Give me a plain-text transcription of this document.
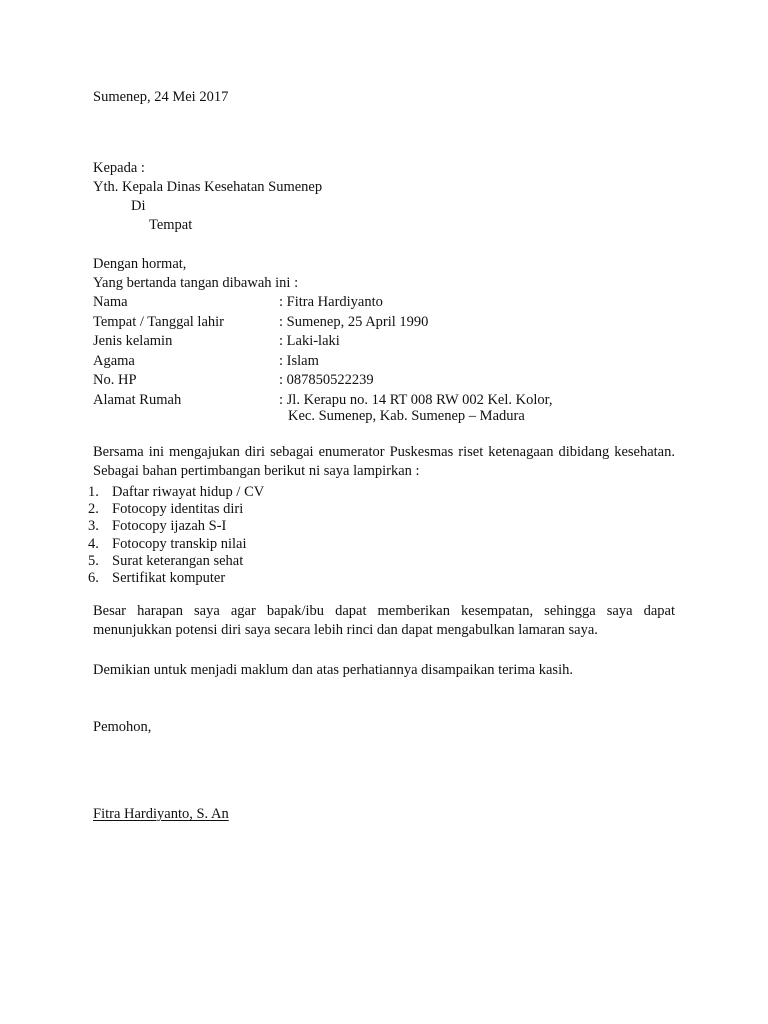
Sumenep, 24 Mei 2017
Kepada :
Yth. Kepala Dinas Kesehatan Sumenep
Di
Tempat
Dengan hormat,
Yang bertanda tangan dibawah ini :
Nama	: Fitra Hardiyanto
Tempat / Tanggal lahir	: Sumenep, 25 April 1990
Jenis kelamin	: Laki-laki
Agama	: Islam
No. HP	: 087850522239
Alamat Rumah	: Jl. Kerapu no. 14 RT 008 RW 002 Kel. Kolor,
Kec. Sumenep, Kab. Sumenep – Madura
Bersama ini mengajukan diri sebagai enumerator Puskesmas riset ketenagaan dibidang kesehatan. Sebagai bahan pertimbangan berikut ni saya lampirkan :
1. Daftar riwayat hidup / CV
2. Fotocopy identitas diri
3. Fotocopy ijazah S-I
4. Fotocopy transkip nilai
5. Surat keterangan sehat
6. Sertifikat komputer
Besar harapan saya agar bapak/ibu dapat memberikan kesempatan, sehingga saya dapat menunjukkan potensi diri saya secara lebih rinci dan dapat mengabulkan lamaran saya.
Demikian untuk menjadi maklum dan atas perhatiannya disampaikan terima kasih.
Pemohon,
Fitra Hardiyanto, S. An
